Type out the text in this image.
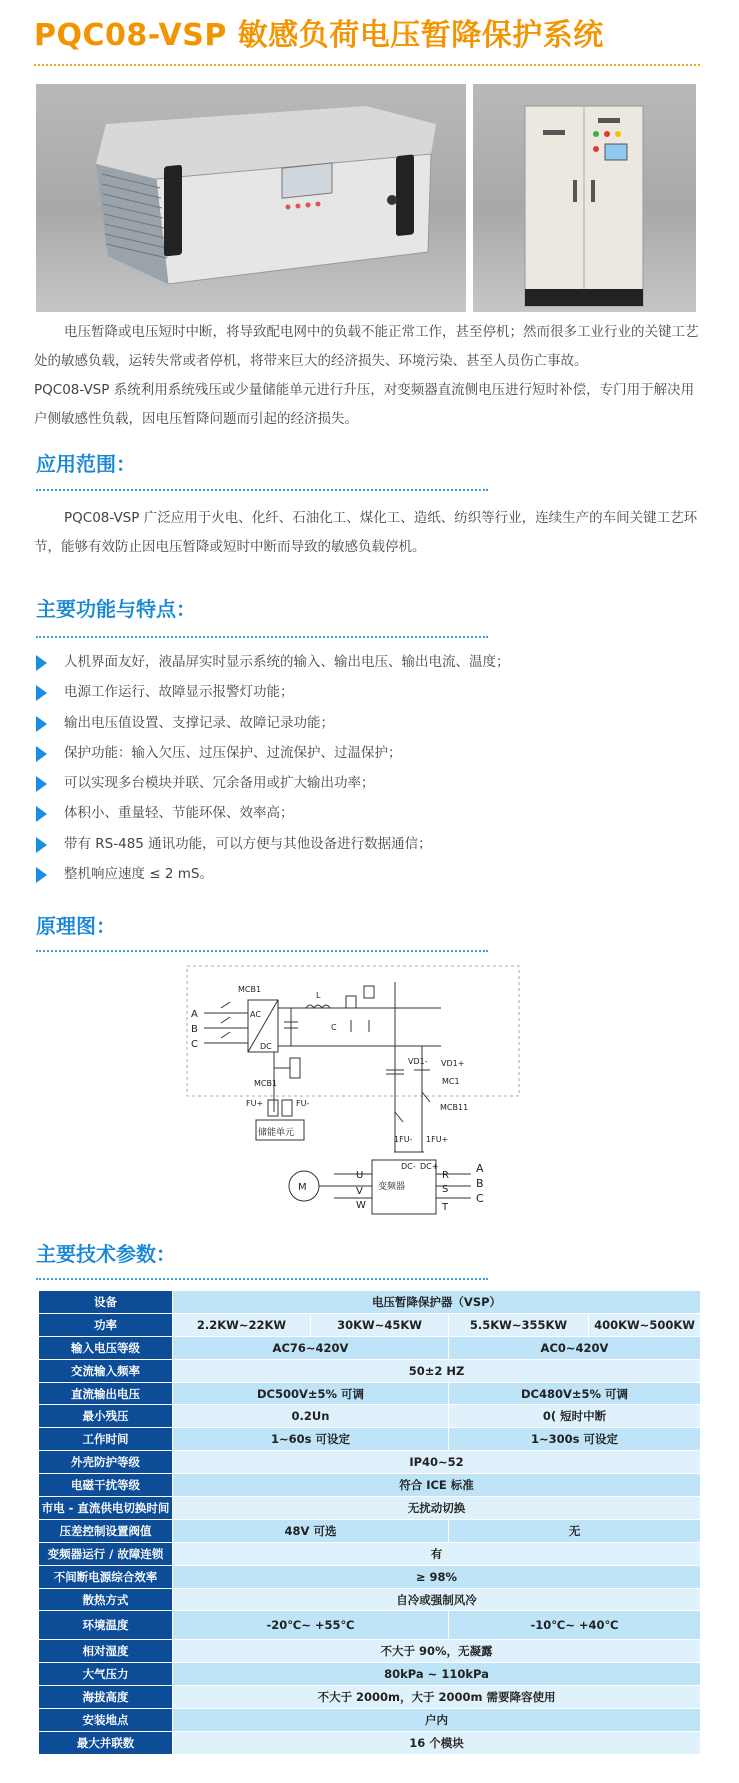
PQC08-VSP 敏感负荷电压暂降保护系统
电压暂降或电压短时中断，将导致配电网中的负载不能正常工作，甚至停机；然而很多工业行业的关键工艺处的敏感负载，运转失常或者停机，将带来巨大的经济损失、环境污染、甚至人员伤亡事故。
PQC08-VSP 系统利用系统残压或少量储能单元进行升压，对变频器直流侧电压进行短时补偿，专门用于解决用户侧敏感性负载，因电压暂降问题而引起的经济损失。
应用范围：
PQC08-VSP 广泛应用于火电、化纤、石油化工、煤化工、造纸、纺织等行业，连续生产的车间关键工艺环节，能够有效防止因电压暂降或短时中断而导致的敏感负载停机。
主要功能与特点：
人机界面友好，液晶屏实时显示系统的输入、输出电压、输出电流、温度；
电源工作运行、故障显示报警灯功能；
输出电压值设置、支撑记录、故障记录功能；
保护功能：输入欠压、过压保护、过流保护、过温保护；
可以实现多台模块并联、冗余备用或扩大输出功率；
体积小、重量轻、节能环保、效率高；
带有 RS-485 通讯功能，可以方便与其他设备进行数据通信；
整机响应速度 ≤ 2 mS。
原理图：
A
B
C
MCB1
AC
DC
L
C
VD1- VD1+
MCB1	MC1
MCB11
FU+	FU-
储能单元
1FU- 1FU+
DC- DC+
变频器
M
U
V
W
R
S
T
A
B
C
主要技术参数：
设备	电压暂降保护器（VSP）			
功率	2.2KW~22KW	30KW~45KW	5.5KW~355KW	400KW~500KW
输入电压等级	AC76~420V		AC0~420V	
交流输入频率	50±2 HZ			
直流输出电压	DC500V±5% 可调		DC480V±5% 可调	
最小残压	0.2Un		0( 短时中断	
工作时间	1~60s 可设定		1~300s 可设定	
外壳防护等级	IP40~52			
电磁干扰等级	符合 ICE 标准			
市电 - 直流供电切换时间	无扰动切换			
压差控制设置阀值	48V 可选		无	
变频器运行 / 故障连锁	有			
不间断电源综合效率	≥ 98%			
散热方式	自冷或强制风冷			
环境温度	-20℃~ +55℃		-10℃~ +40℃	
相对湿度	不大于 90%，无凝露			
大气压力	80kPa ~ 110kPa			
海拔高度	不大于 2000m，大于 2000m 需要降容使用			
安装地点	户内			
最大并联数	16 个模块			
